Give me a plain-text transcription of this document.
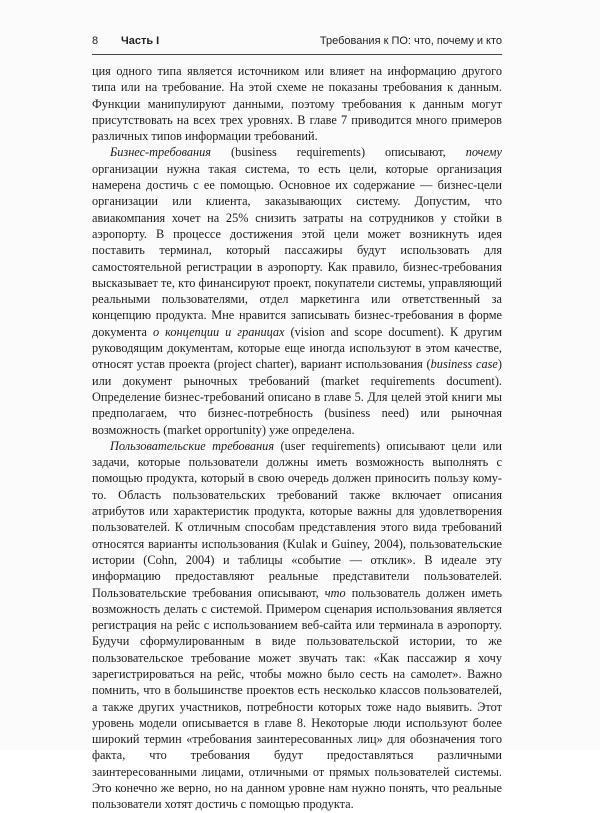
8 Часть I	Требования к ПО: что, почему и кто

ция одного типа является источником или влияет на информацию другого типа или на требование. На этой схеме не показаны требования к данным. Функции манипулируют данными, поэтому требования к данным могут присутствовать на всех трех уровнях. В главе 7 приводится много примеров различных типов информации требований.

Бизнес-требования (business requirements) описывают, почему организации нужна такая система, то есть цели, которые организация намерена достичь с ее помощью. Основное их содержание — бизнес-цели организации или клиента, заказывающих систему. Допустим, что авиакомпания хочет на 25% снизить затраты на сотрудников у стойки в аэропорту. В процессе достижения этой цели может возникнуть идея поставить терминал, который пассажиры будут использовать для самостоятельной регистрации в аэропорту. Как правило, бизнес-требования высказывает те, кто финансируют проект, покупатели системы, управляющий реальными пользователями, отдел маркетинга или ответственный за концепцию продукта. Мне нравится записывать бизнес-требования в форме документа о концепции и границах (vision and scope document). К другим руководящим документам, которые еще иногда используют в этом качестве, относят устав проекта (project charter), вариант использования (business case) или документ рыночных требований (market requirements document). Определение бизнес-требований описано в главе 5. Для целей этой книги мы предполагаем, что бизнес-потребность (business need) или рыночная возможность (market opportunity) уже определена.

Пользовательские требования (user requirements) описывают цели или задачи, которые пользователи должны иметь возможность выполнять с помощью продукта, который в свою очередь должен приносить пользу кому-то. Область пользовательских требований также включает описания атрибутов или характеристик продукта, которые важны для удовлетворения пользователей. К отличным способам представления этого вида требований относятся варианты использования (Kulak и Guiney, 2004), пользовательские истории (Cohn, 2004) и таблицы «событие — отклик». В идеале эту информацию предоставляют реальные представители пользователей. Пользовательские требования описывают, что пользователь должен иметь возможность делать с системой. Примером сценария использования является регистрация на рейс с использованием веб-сайта или терминала в аэропорту. Будучи сформулированным в виде пользовательской истории, то же пользовательское требование может звучать так: «Как пассажир я хочу зарегистрироваться на рейс, чтобы можно было сесть на самолет». Важно помнить, что в большинстве проектов есть несколько классов пользователей, а также других участников, потребности которых тоже надо выявить. Этот уровень модели описывается в главе 8. Некоторые люди используют более широкий термин «требования заинтересованных лиц» для обозначения того факта, что требования будут предоставляться различными заинтересованными лицами, отличными от прямых пользователей системы. Это конечно же верно, но на данном уровне нам нужно понять, что реальные пользователи хотят достичь с помощью продукта.
